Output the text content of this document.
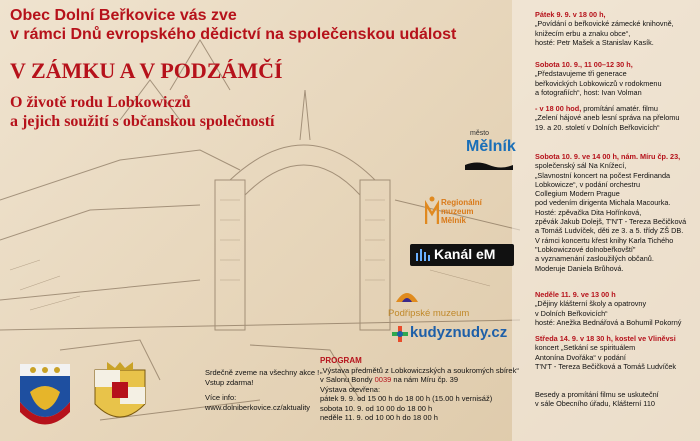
Obec Dolní Beřkovice vás zve
v rámci Dnů evropského dědictví na společenskou událost
V ZÁMKU A V PODZÁMČÍ
O životě rodu Lobkowiczů
a jejich soužití s občanskou společností
Pátek 9. 9. v 18 00 h,
„Povídání o beřkovické zámecké knihovně,
knižecím erbu a znaku obce“,
hosté: Petr Mašek a Stanislav Kasík.
Sobota 10. 9., 11 00–12 30 h,
„Představujeme tři generace
beřkovických Lobkowiczů v rodokmenu
a fotografiích“, host: Ivan Volman
- v 18 00 hod, promítání amatér. filmu
„Zelení hájové aneb lesní správa na přelomu
19. a 20. století v Dolních Beřkovicích“
Sobota 10. 9. ve 14 00 h, nám. Míru čp. 23,
společenský sál Na Knížecí,
„Slavnostní koncert na počest Ferdinanda
Lobkowicze“, v podání orchestru
Collegium Modern Prague
pod vedením dirigenta Michala Macourka.
Hosté: zpěvačka Dita Hořínková,
zpěvák Jakub Dolejš, T'N'T - Tereza Bečičková
a Tomáš Ludvíček, děti ze 3. a 5. třídy ZŠ DB.
V rámci koncertu křest knihy Karla Tichého
"Lobkowiczové dolnobeřkovští"
a vyznamenání zasloužilých občanů.
Moderuje Daniela Brůhová.
Neděle 11. 9. ve 13 00 h
„Dějiny klášterní školy a opatrovny
v Dolních Beřkovicích“
hosté: Anežka Bednářová a Bohumil Pokorný
Středa 14. 9. v 18 30 h, kostel ve Vliněvsi
koncert „Setkání se spirituálem
Antonína Dvořáka“ v podání
T'N'T - Tereza Bečičková a Tomáš Ludvíček
Besedy a promítání filmu se uskuteční
v sále Obecního úřadu, Klášterní 110
město
Mělník
Regionální
muzeum
Mělník
Kanál eM
Podřipské muzeum
kudyznudy.cz
Srdečně zveme na všechny akce !
Vstup zdarma!
Více info:
www.dolniberkovice.cz/aktuality
PROGRAM
„Výstava předmětů z Lobkowiczských a soukromých sbírek“
v Salonu Bondy 0039 na nám Míru čp. 39
Výstava otevřena:
pátek 9. 9. od 15 00 h do 18 00 h (15.00 h vernisáž)
sobota 10. 9. od 10 00 do 18 00 h
neděle 11. 9. od 10 00 h do 18 00 h
